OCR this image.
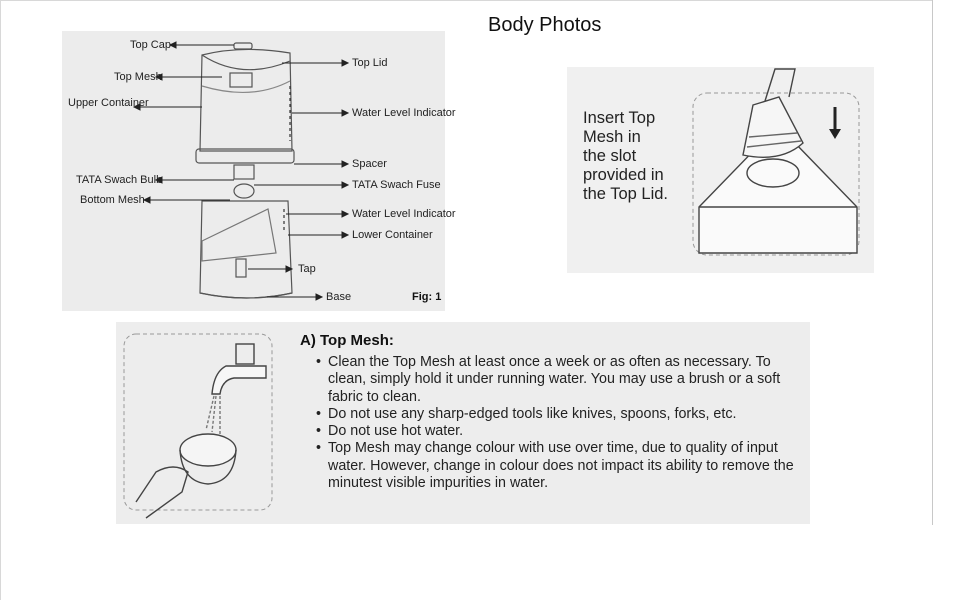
Body Photos
Top Cap
Top Mesh
Upper Container
TATA Swach Bulb
Bottom Mesh
Top Lid
Water Level Indicator
Spacer
TATA Swach Fuse
Water Level Indicator
Lower Container
Tap
Base	Fig: 1
Insert Top
Mesh in
the slot
provided in
the Top Lid.
A) Top Mesh:
• Clean the Top Mesh at least once a week or as often as necessary. To clean, simply hold it under running water. You may use a brush or a soft fabric to clean.
• Do not use any sharp-edged tools like knives, spoons, forks, etc.
• Do not use hot water.
• Top Mesh may change colour with use over time, due to quality of input water. However, change in colour does not impact its ability to remove the minutest visible impurities in water.
